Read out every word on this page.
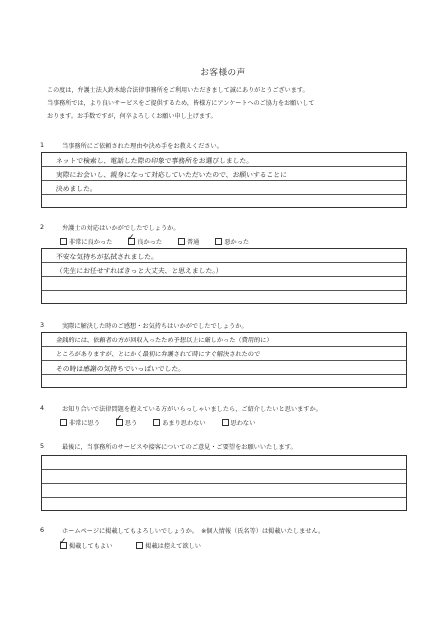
お客様の声
この度は，弁護士法人鈴木総合法律事務所をご利用いただきまして誠にありがとうございます。
当事務所では，より良いサービスをご提供するため，皆様方にアンケートへのご協力をお願いして
おります。お手数ですが，何卒よろしくお願い申し上げます。
1	当事務所にご依頼された理由や決め手をお教えください。
ネットで検索し、電話した際の印象で事務所をお選びしました。
実際にお会いし、親身になって対応していただいたので、お願いすることに
決めました。
2	弁護士の対応はいかがでしたでしょうか。
非常に良かった ✓ 良かった	普通	悪かった
不安な気持ちが払拭されました。
（先生にお任せすればきっと大丈夫、と思えました。）
3	実際に解決した時のご感想・お気持ちはいかがでしたでしょうか。
金銭的には、依頼者の方が回収入ったため予想以上に厳しかった（費用的に）
ところがありますが、とにかく最初に弁護されて時にすぐ解決されたので
その時は感謝の気持ちでいっぱいでした。
4	お知り合いで法律問題を抱えている方がいらっしゃいましたら，ご紹介したいと思いますか。
非常に思う ✓ 思う	あまり思わない	思わない
5	最後に，当事務所のサービスや接客についてのご意見・ご要望をお願いいたします。
6	ホームページに掲載してもよろしいでしょうか。　※個人情報（氏名等）は掲載いたしません。
✓ 掲載してもよい	掲載は控えて欲しい
